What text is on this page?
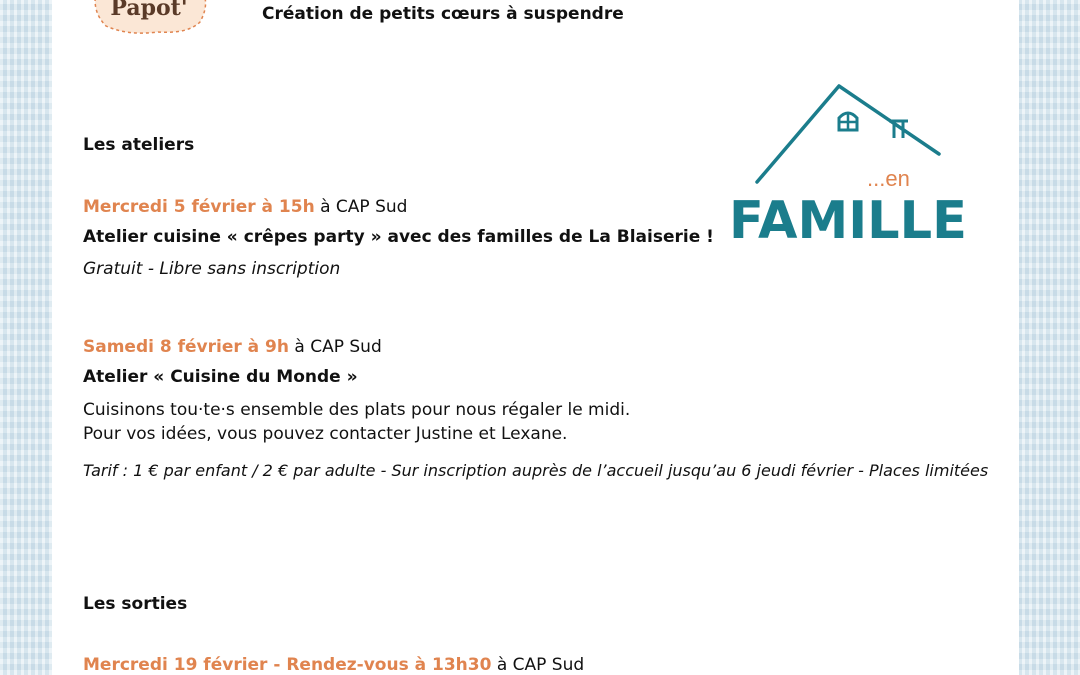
Papot'	Création de petits cœurs à suspendre
...en
FAMILLE
Les ateliers
Mercredi 5 février à 15h à CAP Sud
Atelier cuisine « crêpes party » avec des familles de La Blaiserie !
Gratuit - Libre sans inscription
Samedi 8 février à 9h à CAP Sud
Atelier « Cuisine du Monde »
Cuisinons tou·te·s ensemble des plats pour nous régaler le midi.
Pour vos idées, vous pouvez contacter Justine et Lexane.
Tarif : 1 € par enfant / 2 € par adulte - Sur inscription auprès de l’accueil jusqu’au 6 jeudi février - Places limitées
Les sorties
Mercredi 19 février - Rendez-vous à 13h30 à CAP Sud
